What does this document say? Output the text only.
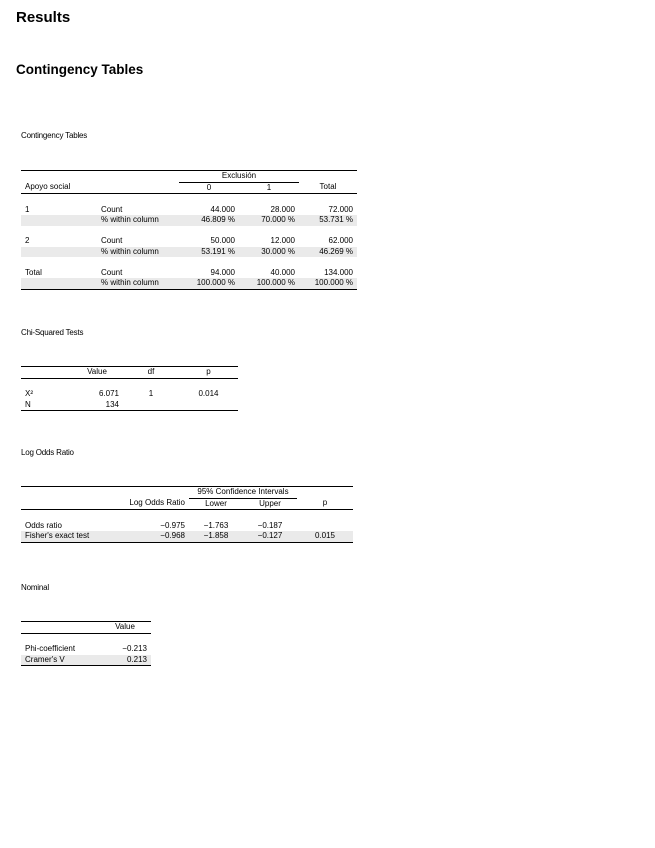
Results
Contingency Tables
Contingency Tables
		Exclusión		
Apoyo social		0	1	Total

1	Count	44.000	28.000	72.000
	% within column	46.809 %	70.000 %	53.731 %

2	Count	50.000	12.000	62.000
	% within column	53.191 %	30.000 %	46.269 %

Total	Count	94.000	40.000	134.000
	% within column	100.000 %	100.000 %	100.000 %
Chi-Squared Tests
	Value	df	p

X²	6.071	1	0.014
N	134		
Log Odds Ratio
		95% Confidence Intervals		
	Log Odds Ratio	Lower	Upper	p

Odds ratio	−0.975	−1.763	−0.187	
Fisher's exact test	−0.968	−1.858	−0.127	0.015
Nominal
	Value

Phi-coefficient	−0.213
Cramer's V	0.213
